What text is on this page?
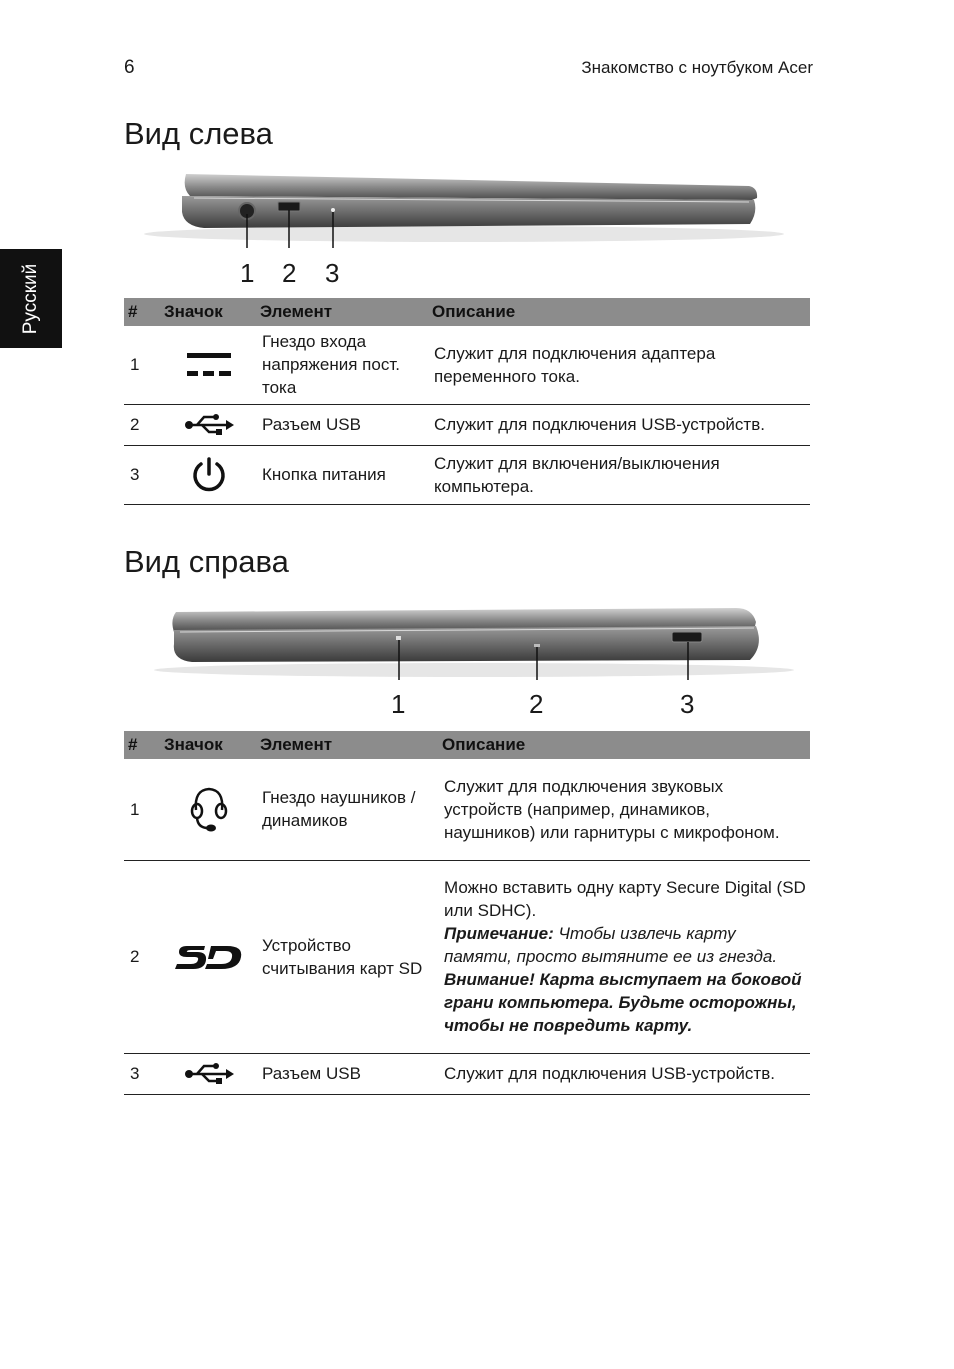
6	Знакомство с ноутбуком Acer
Русский
Вид слева
1 2 3
#	Значок	Элемент	Описание
1		Гнездо входа напряжения пост. тока	Служит для подключения адаптера переменного тока.
2		Разъем USB	Служит для подключения USB-устройств.
3		Кнопка питания	Служит для включения/выключения компьютера.
Вид справа
1	2	3
#	Значок	Элемент	Описание
1		Гнездо наушников / динамиков	Служит для подключения звуковых устройств (например, динамиков, наушников) или гарнитуры с микрофоном.
2		Устройство считывания карт SD	Можно вставить одну карту Secure Digital (SD или SDHC).
Примечание: Чтобы извлечь карту памяти, просто вытяните ее из гнезда.
Внимание! Карта выступает на боковой грани компьютера. Будьте осторожны, чтобы не повредить карту.
3		Разъем USB	Служит для подключения USB-устройств.
